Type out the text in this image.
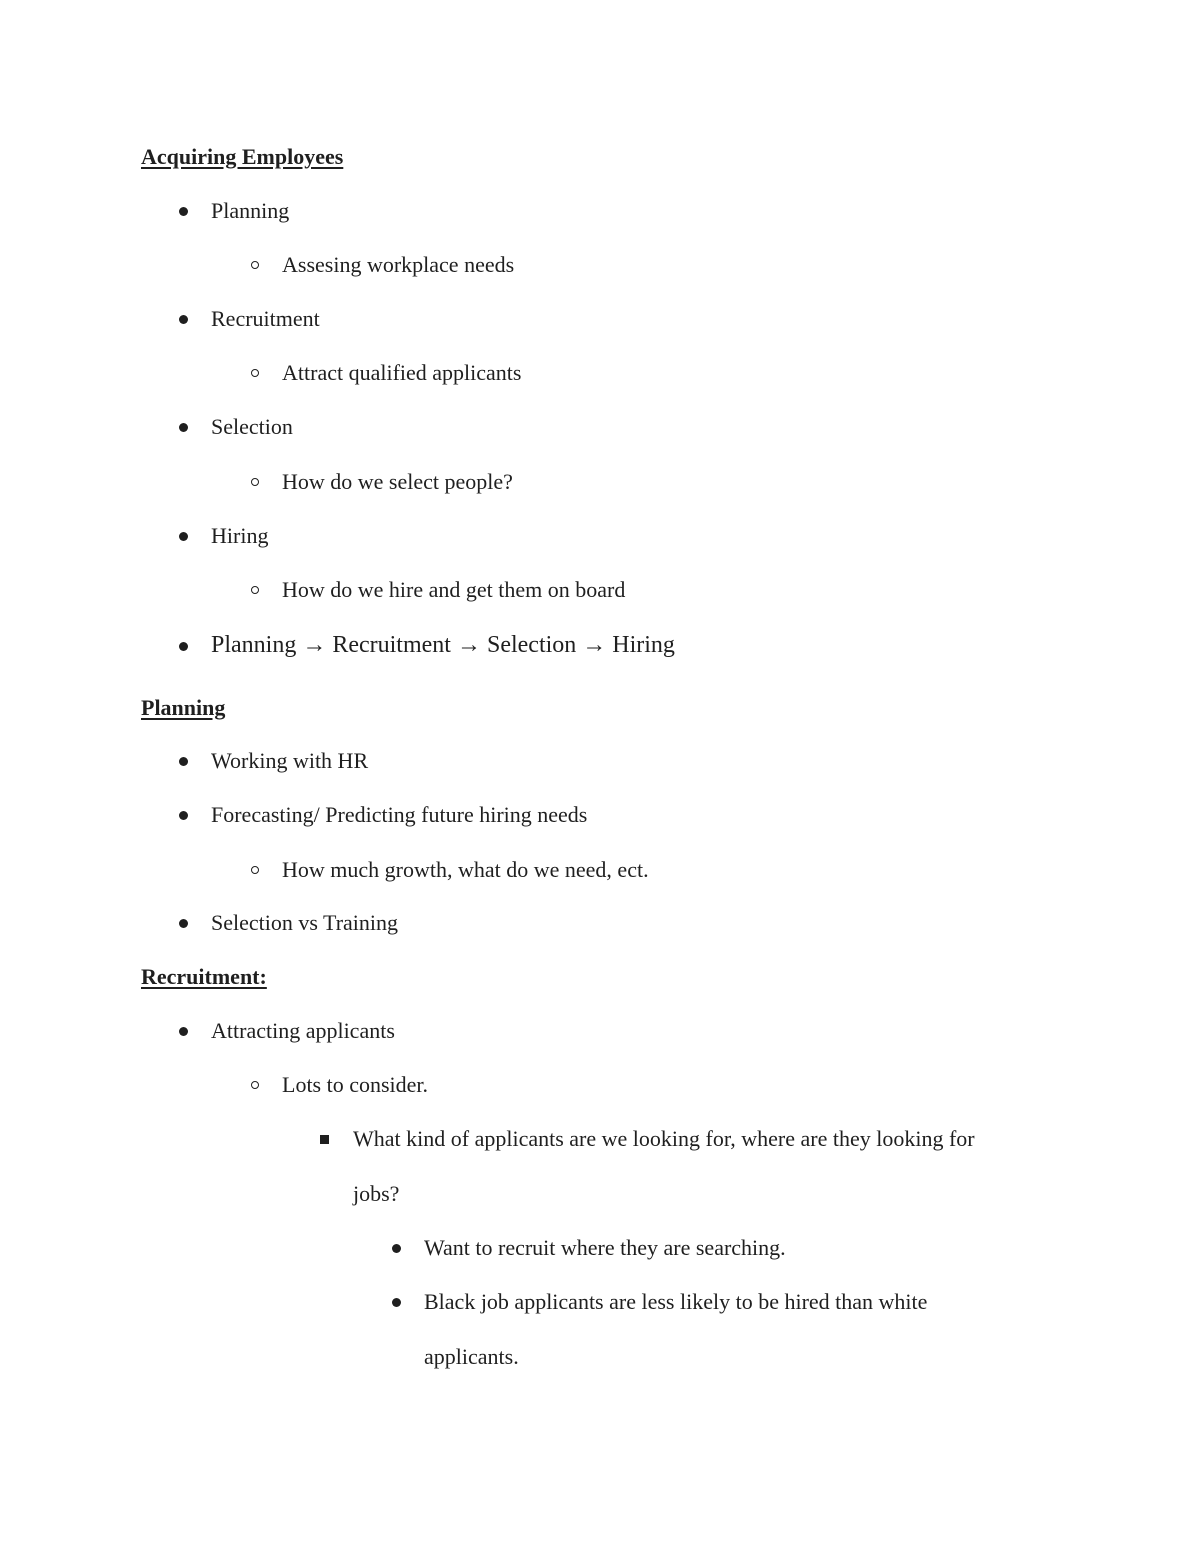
Acquiring Employees
Planning
Assesing workplace needs
Recruitment
Attract qualified applicants
Selection
How do we select people?
Hiring
How do we hire and get them on board
Planning → Recruitment → Selection → Hiring
Planning
Working with HR
Forecasting/ Predicting future hiring needs
How much growth, what do we need, ect.
Selection vs Training
Recruitment:
Attracting applicants
Lots to consider.
What kind of applicants are we looking for, where are they looking for
jobs?
Want to recruit where they are searching.
Black job applicants are less likely to be hired than white
applicants.
